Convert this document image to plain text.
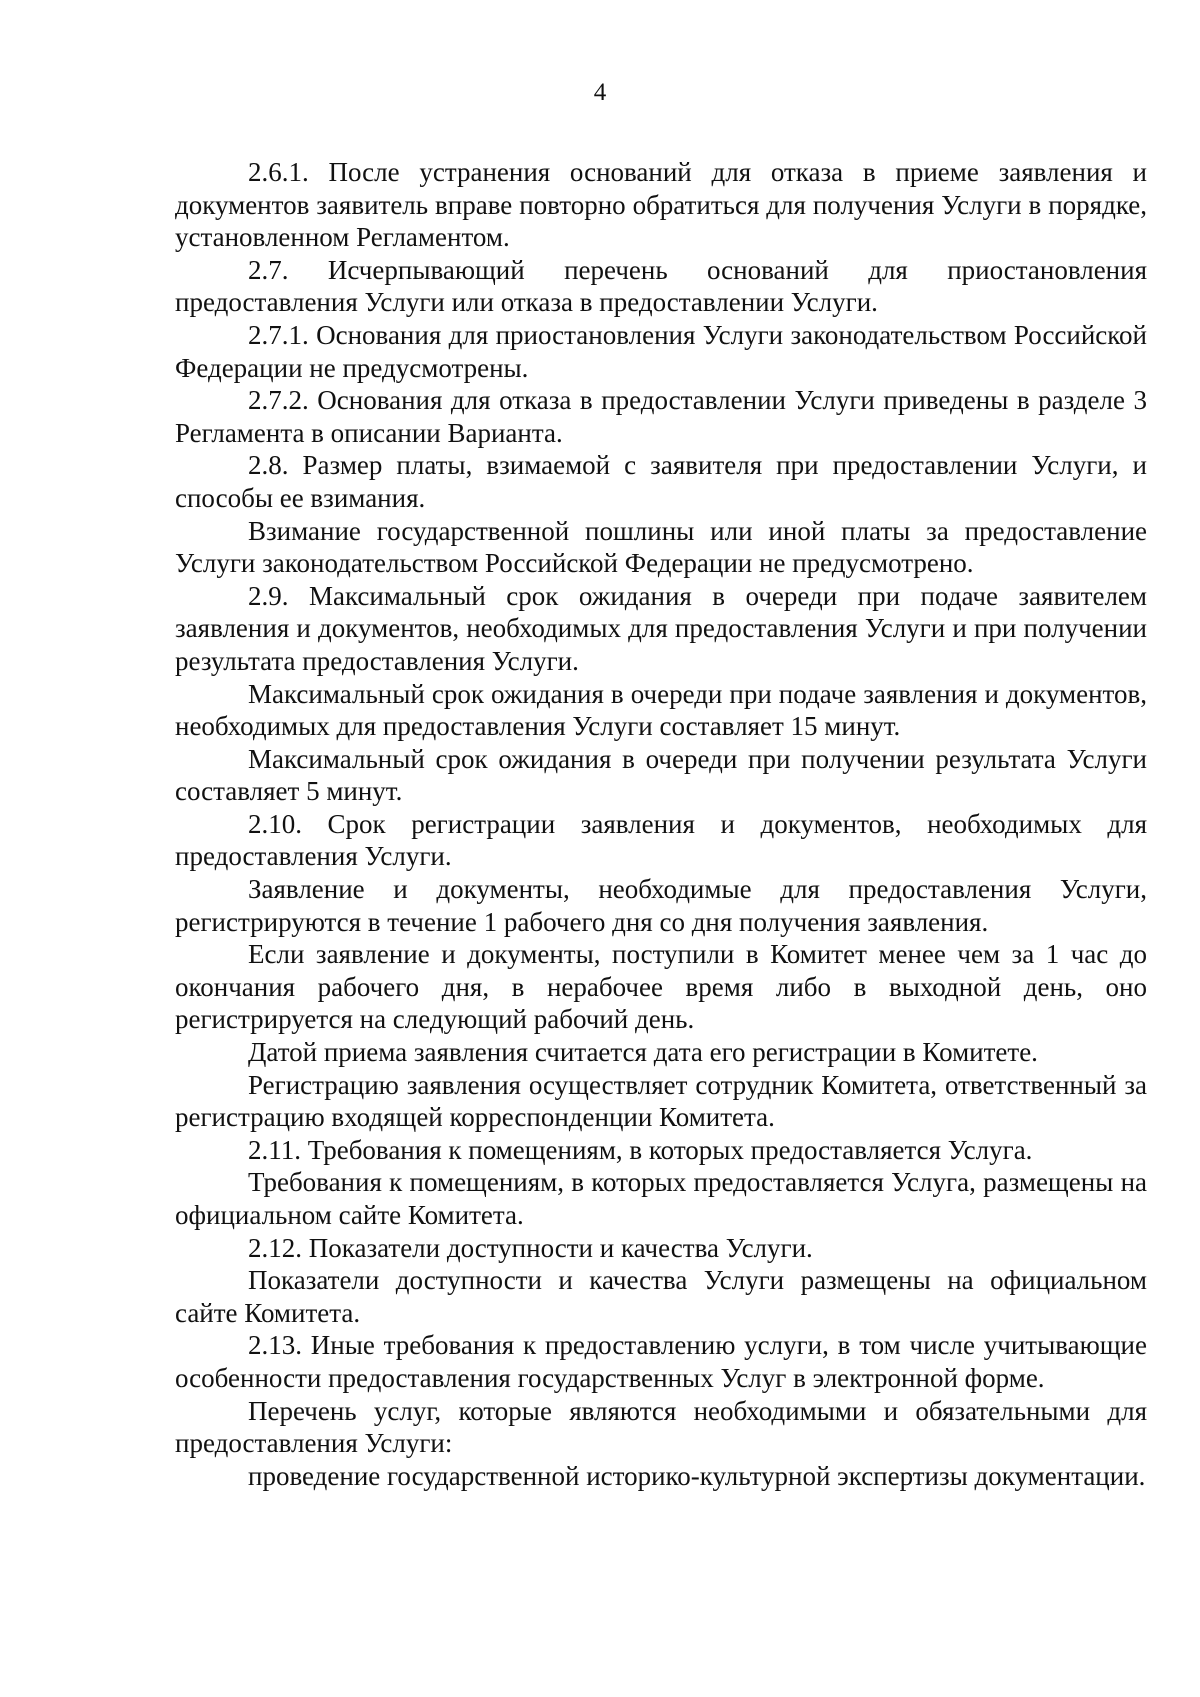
4

2.6.1. После устранения оснований для отказа в приеме заявления и документов заявитель вправе повторно обратиться для получения Услуги в порядке, установленном Регламентом.

2.7. Исчерпывающий перечень оснований для приостановления предоставления Услуги или отказа в предоставлении Услуги.

2.7.1. Основания для приостановления Услуги законодательством Российской Федерации не предусмотрены.

2.7.2. Основания для отказа в предоставлении Услуги приведены в разделе 3 Регламента в описании Варианта.

2.8. Размер платы, взимаемой с заявителя при предоставлении Услуги, и способы ее взимания.

Взимание государственной пошлины или иной платы за предоставление Услуги законодательством Российской Федерации не предусмотрено.

2.9. Максимальный срок ожидания в очереди при подаче заявителем заявления и документов, необходимых для предоставления Услуги и при получении результата предоставления Услуги.

Максимальный срок ожидания в очереди при подаче заявления и документов, необходимых для предоставления Услуги составляет 15 минут.

Максимальный срок ожидания в очереди при получении результата Услуги составляет 5 минут.

2.10. Срок регистрации заявления и документов, необходимых для предоставления Услуги.

Заявление и документы, необходимые для предоставления Услуги, регистрируются в течение 1 рабочего дня со дня получения заявления.

Если заявление и документы, поступили в Комитет менее чем за 1 час до окончания рабочего дня, в нерабочее время либо в выходной день, оно регистрируется на следующий рабочий день.

Датой приема заявления считается дата его регистрации в Комитете.

Регистрацию заявления осуществляет сотрудник Комитета, ответственный за регистрацию входящей корреспонденции Комитета.

2.11. Требования к помещениям, в которых предоставляется Услуга.

Требования к помещениям, в которых предоставляется Услуга, размещены на официальном сайте Комитета.

2.12. Показатели доступности и качества Услуги.

Показатели доступности и качества Услуги размещены на официальном сайте Комитета.

2.13. Иные требования к предоставлению услуги, в том числе учитывающие особенности предоставления государственных Услуг в электронной форме.

Перечень услуг, которые являются необходимыми и обязательными для предоставления Услуги:

проведение государственной историко-культурной экспертизы документации.
